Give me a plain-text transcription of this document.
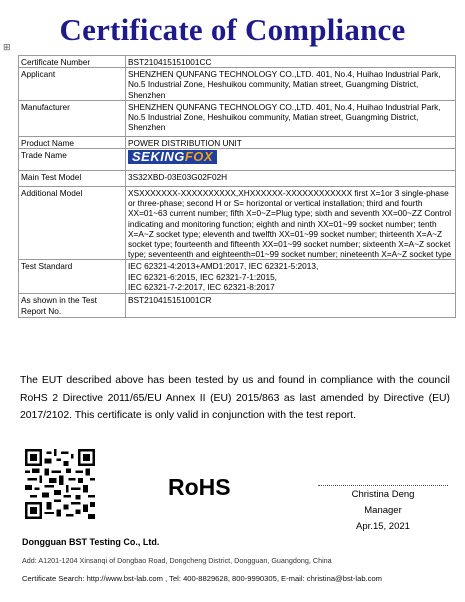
Certificate of Compliance
⊞
Certificate Number	BST210415151001CC
Applicant	SHENZHEN QUNFANG TECHNOLOGY CO.,LTD. 401, No.4, Huihao Industrial Park, No.5 Industrial Zone, Heshuikou community, Matian street, Guangming District, Shenzhen
Manufacturer	SHENZHEN QUNFANG TECHNOLOGY CO.,LTD. 401, No.4, Huihao Industrial Park, No.5 Industrial Zone, Heshuikou community, Matian street, Guangming District, Shenzhen
Product Name	POWER DISTRIBUTION UNIT
Trade Name	SEKINGFOX
Main Test Model	3S32XBD-03E03G02F02H
Additional Model	XSXXXXXXX-XXXXXXXXXX,XHXXXXXX-XXXXXXXXXXXX first X=1or 3 single-phase or three-phase; second H or S= horizontal or vertical installation; third and fourth XX=01~63 current number; fifth X=0~Z=Plug type; sixth and seventh XX=00~ZZ Control indicating and monitoring function; eighth and ninth XX=01~99 socket number; tenth X=A~Z socket type; eleventh and twelfth XX=01~99 socket number; thirteenth X=A~Z socket type; fourteenth and fifteenth XX=01~99 socket number; sixteenth X=A~Z socket type; seventeenth and eighteenth=01~99 socket number; nineteenth X=A~Z socket type
Test Standard	IEC 62321-4:2013+AMD1:2017, IEC 62321-5:2013,
IEC 62321-6:2015, IEC 62321-7-1:2015,
IEC 62321-7-2:2017, IEC 62321-8:2017

As shown in the Test Report No.	BST210415151001CR
The EUT described above has been tested by us and found in compliance with the council RoHS 2 Directive 2011/65/EU Annex II (EU) 2015/863 as last amended by Directive (EU) 2017/2102. This certificate is only valid in conjunction with the test report.
RoHS	Christina Deng
Manager
Apr.15, 2021
Dongguan BST Testing Co., Ltd.
Add: A1201-1204 Xinsanqi of Dongbao Road, Dongcheng District, Dongguan, Guangdong, China
Certificate Search: http://www.bst-lab.com , Tel: 400-8829628, 800-9990305, E-mail: christina@bst-lab.com
